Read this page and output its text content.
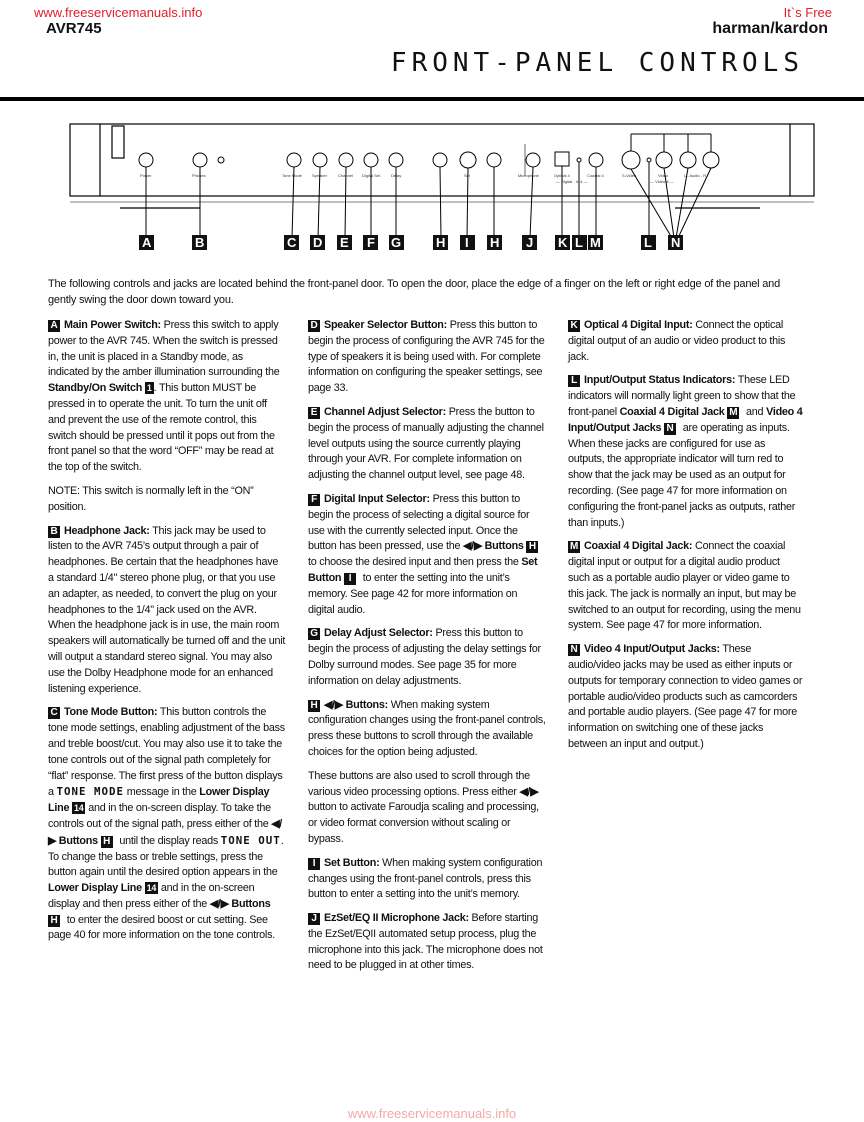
www.freeservicemanuals.info	It`s Free
AVR745	harman/kardon
FRONT-PANEL CONTROLS
Power	Phones	Tone Mode	Speaker	Channel Digital Sel. Delay	Set	Microphone	Optical 4	Coaxial 4
— Digital - In 4 —
S-Video	Video	L - Audio - R
— Video 4 —
A	B	C D E F G	H I H J K L M	L N
The following controls and jacks are located behind the front-panel door. To open the door, place the edge of a finger on the left or right edge of the panel and gently swing the door down toward you.

A Main Power Switch: Press this switch to apply power to the AVR 745. When the switch is pressed in, the unit is placed in a Standby mode, as indicated by the amber illumination surrounding the Standby/On Switch 1 . This button MUST be pressed in to operate the unit. To turn the unit off and prevent the use of the remote control, this switch should be pressed until it pops out from the front panel so that the word “OFF” may be read at the top of the switch.

NOTE: This switch is normally left in the “ON” position.

B Headphone Jack: This jack may be used to listen to the AVR 745’s output through a pair of headphones. Be certain that the headphones have a standard 1/4" stereo phone plug, or that you use an adapter, as needed, to convert the plug on your headphones to the 1/4" jack used on the AVR. When the headphone jack is in use, the main room speakers will automatically be turned off and the unit will output a standard stereo signal. You may also use the Dolby Headphone mode for an enhanced listening experience.

C Tone Mode Button: This button controls the tone mode settings, enabling adjustment of the bass and treble boost/cut. You may also use it to take the tone controls out of the signal path completely for “flat” response. The first press of the button displays a TONE MODE message in the Lower Display Line 14 and in the on-screen display. To take the controls out of the signal path, press either of the ◀/▶ Buttons H until the display reads TONE OUT. To change the bass or treble settings, press the button again until the desired option appears in the Lower Display Line 14 and in the on-screen display and then press either of the ◀/▶ Buttons H to enter the desired boost or cut setting. See page 40 for more information on the tone controls.

D Speaker Selector Button: Press this button to begin the process of configuring the AVR 745 for the type of speakers it is being used with. For complete information on configuring the speaker settings, see page 33.

E Channel Adjust Selector: Press the button to begin the process of manually adjusting the channel level outputs using the source currently playing through your AVR. For complete information on adjusting the channel output level, see page 48.

F Digital Input Selector: Press this button to begin the process of selecting a digital source for use with the currently selected input. Once the button has been pressed, use the ◀/▶ Buttons H to choose the desired input and then press the Set Button I to enter the setting into the unit’s memory. See page 42 for more information on digital audio.

G Delay Adjust Selector: Press this button to begin the process of adjusting the delay settings for Dolby surround modes. See page 35 for more information on delay adjustments.

H ◀/▶ Buttons: When making system configuration changes using the front-panel controls, press these buttons to scroll through the available choices for the option being adjusted.

These buttons are also used to scroll through the various video processing options. Press either ◀/▶ button to activate Faroudja scaling and processing, or video format conversion without scaling or bypass.

I Set Button: When making system configuration changes using the front-panel controls, press this button to enter a setting into the unit’s memory.

J EzSet/EQ II Microphone Jack: Before starting the EzSet/EQII automated setup process, plug the microphone into this jack. The microphone does not need to be plugged in at other times.

K Optical 4 Digital Input: Connect the optical digital output of an audio or video product to this jack.

L Input/Output Status Indicators: These LED indicators will normally light green to show that the front-panel Coaxial 4 Digital Jack M and Video 4 Input/Output Jacks N are operating as inputs. When these jacks are configured for use as outputs, the appropriate indicator will turn red to show that the jack may be used as an output for recording. (See page 47 for more information on configuring the front-panel jacks as outputs, rather than inputs.)

M Coaxial 4 Digital Jack: Connect the coaxial digital input or output for a digital audio product such as a portable audio player or video game to this jack. The jack is normally an input, but may be switched to an output for recording, using the menu system. See page 47 for more information.

N Video 4 Input/Output Jacks: These audio/video jacks may be used as either inputs or outputs for temporary connection to video games or portable audio/video products such as camcorders and portable audio players. (See page 47 for more information on switching one of these jacks between an input and output.)

www.freeservicemanuals.info
